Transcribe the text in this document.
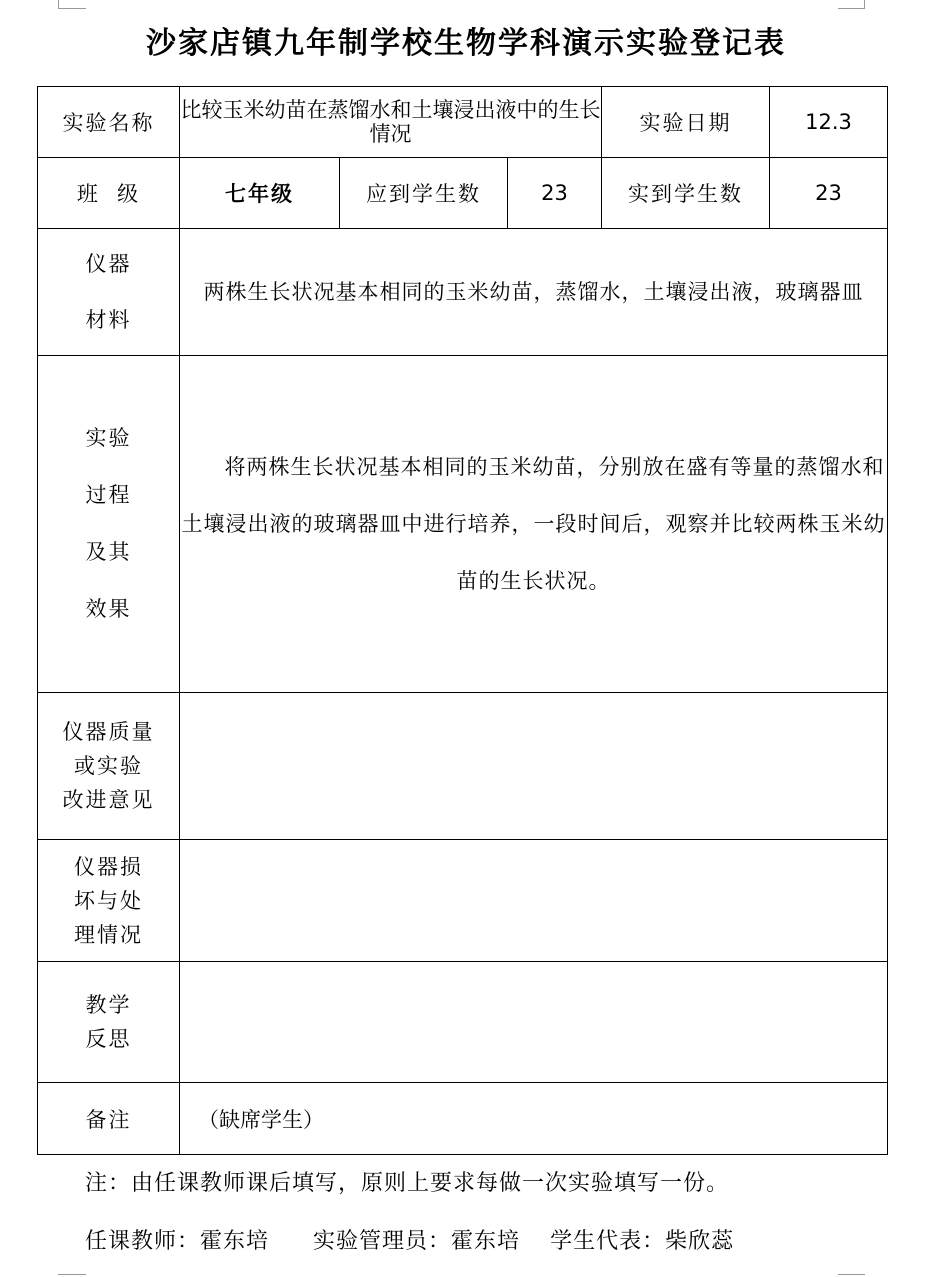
沙家店镇九年制学校生物学科演示实验登记表
实验名称	比较玉米幼苗在蒸馏水和土壤浸出液中的生长情况			实验日期	12.3
班  级	七年级	应到学生数	23	实到学生数	23

仪器
材料	两株生长状况基本相同的玉米幼苗，蒸馏水，土壤浸出液，玻璃器皿				

实验
过程
及其
效果	将两株生长状况基本相同的玉米幼苗，分别放在盛有等量的蒸馏水和土壤浸出液的玻璃器皿中进行培养，一段时间后，观察并比较两株玉米幼苗的生长状况。				

仪器质量
或实验
改进意见					

仪器损
坏与处
理情况					

教学
反思					

备注	（缺席学生）				
注：由任课教师课后填写，原则上要求每做一次实验填写一份。
任课教师：霍东培 实验管理员：霍东培 学生代表：柴欣蕊
